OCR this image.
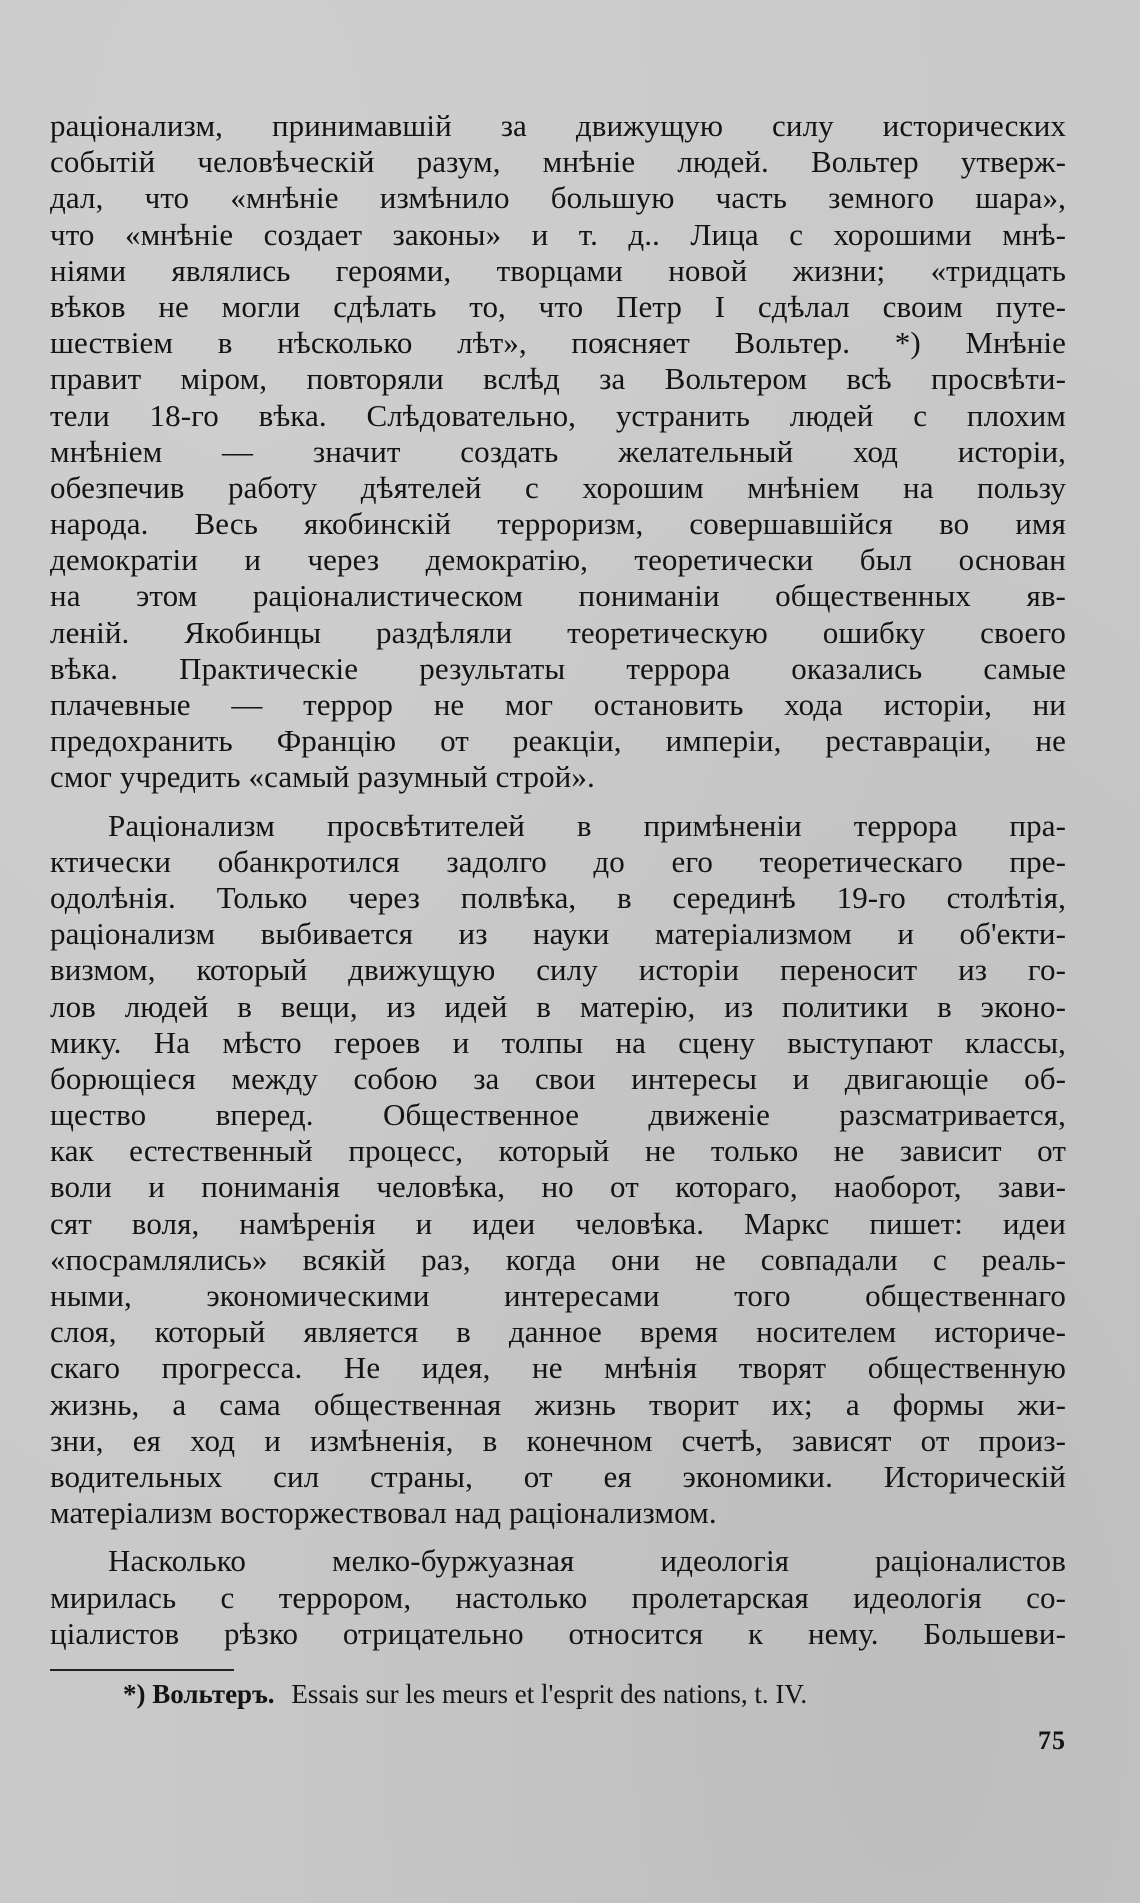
раціонализм, принимавшій за движущую силу исторических
событій человѣческій разум, мнѣніе людей. Вольтер утверж-
дал, что «мнѣніе измѣнило большую часть земного шара»,
что «мнѣніе создает законы» и т. д.. Лица с хорошими мнѣ-
ніями являлись героями, творцами новой жизни; «тридцать
вѣков не могли сдѣлать то, что Петр I сдѣлал своим путе-
шествіем в нѣсколько лѣт», поясняет Вольтер. *) Мнѣніе
правит міром, повторяли вслѣд за Вольтером всѣ просвѣти-
тели 18-го вѣка. Слѣдовательно, устранить людей с плохим
мнѣніем — значит создать желательный ход исторіи,
обезпечив работу дѣятелей с хорошим мнѣніем на пользу
народа. Весь якобинскій терроризм, совершавшійся во имя
демократіи и через демократію, теоретически был основан
на этом раціоналистическом пониманіи общественных яв-
леній. Якобинцы раздѣляли теоретическую ошибку своего
вѣка. Практическіе результаты террора оказались самые
плачевные — террор не мог остановить хода исторіи, ни
предохранить Францію от реакціи, имперіи, реставраціи, не
смог учредить «самый разумный строй».
Раціонализм просвѣтителей в примѣненіи террора пра-
ктически обанкротился задолго до его теоретическаго пре-
одолѣнія. Только через полвѣка, в серединѣ 19-го столѣтія,
раціонализм выбивается из науки матеріализмом и об'екти-
визмом, который движущую силу исторіи переносит из го-
лов людей в вещи, из идей в матерію, из политики в эконо-
мику. На мѣсто героев и толпы на сцену выступают классы,
борющіеся между собою за свои интересы и двигающіе об-
щество вперед. Общественное движеніе разсматривается,
как естественный процесс, который не только не зависит от
воли и пониманія человѣка, но от котораго, наоборот, зави-
сят воля, намѣренія и идеи человѣка. Маркс пишет: идеи
«посрамлялись» всякій раз, когда они не совпадали с реаль-
ными, экономическими интересами того общественнаго
слоя, который является в данное время носителем историче-
скаго прогресса. Не идея, не мнѣнія творят общественную
жизнь, а сама общественная жизнь творит их; а формы жи-
зни, ея ход и измѣненія, в конечном счетѣ, зависят от произ-
водительных сил страны, от ея экономики. Историческій
матеріализм восторжествовал над раціонализмом.
Насколько мелко-буржуазная идеологія раціоналистов
мирилась с террором, настолько пролетарская идеологія со-
ціалистов рѣзко отрицательно относится к нему. Большеви-
*) Вольтеръ. Essais sur les meurs et l'esprit des nations, t. IV.
75
